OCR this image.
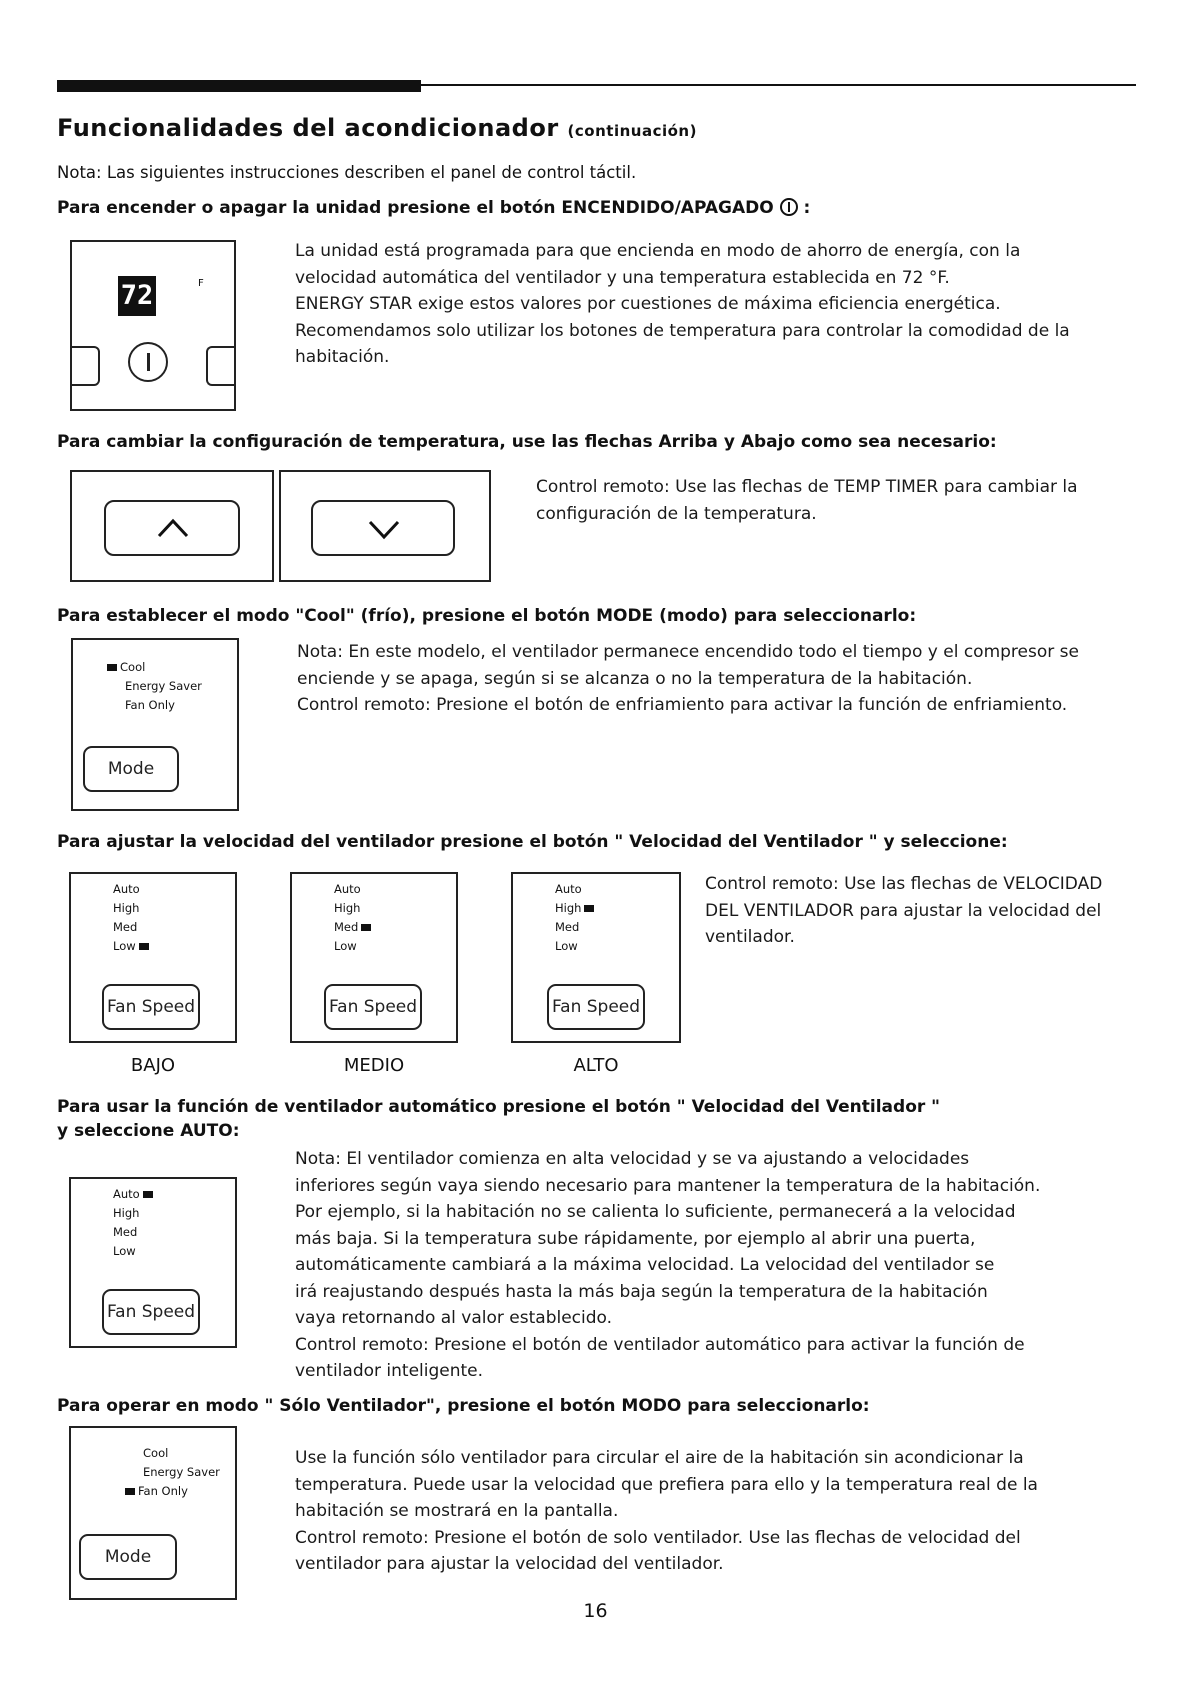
Funcionalidades del acondicionador (continuación)
Nota: Las siguientes instrucciones describen el panel de control táctil.
Para encender o apagar la unidad presione el botón ENCENDIDO/APAGADO :
72	F
La unidad está programada para que encienda en modo de ahorro de energía, con la
velocidad automática del ventilador y una temperatura establecida en 72 °F.
ENERGY STAR exige estos valores por cuestiones de máxima eficiencia energética.
Recomendamos solo utilizar los botones de temperatura para controlar la comodidad de la
habitación.
Para cambiar la configuración de temperatura, use las flechas Arriba y Abajo como sea necesario:
Control remoto: Use las flechas de TEMP TIMER para cambiar la
configuración de la temperatura.
Para establecer el modo "Cool" (frío), presione el botón MODE (modo) para seleccionarlo:
Cool
Energy Saver
Fan Only
Mode
Nota: En este modelo, el ventilador permanece encendido todo el tiempo y el compresor se
enciende y se apaga, según si se alcanza o no la temperatura de la habitación.
Control remoto: Presione el botón de enfriamiento para activar la función de enfriamiento.
Para ajustar la velocidad del ventilador presione el botón " Velocidad del Ventilador " y seleccione:
Auto
High
Med
Low
Fan Speed
BAJO
Auto
High
Med
Low
Fan Speed
MEDIO
Auto
High
Med
Low
Fan Speed
ALTO
Control remoto: Use las flechas de VELOCIDAD
DEL VENTILADOR para ajustar la velocidad del
ventilador.
Para usar la función de ventilador automático presione el botón " Velocidad del Ventilador "
y seleccione AUTO:
Auto
High
Med
Low
Fan Speed
Nota: El ventilador comienza en alta velocidad y se va ajustando a velocidades
inferiores según vaya siendo necesario para mantener la temperatura de la habitación.
Por ejemplo, si la habitación no se calienta lo suficiente, permanecerá a la velocidad
más baja. Si la temperatura sube rápidamente, por ejemplo al abrir una puerta,
automáticamente cambiará a la máxima velocidad. La velocidad del ventilador se
irá reajustando después hasta la más baja según la temperatura de la habitación
vaya retornando al valor establecido.
Control remoto: Presione el botón de ventilador automático para activar la función de
ventilador inteligente.
Para operar en modo " Sólo Ventilador", presione el botón MODO para seleccionarlo:
Cool
Energy Saver
Fan Only
Mode
Use la función sólo ventilador para circular el aire de la habitación sin acondicionar la
temperatura. Puede usar la velocidad que prefiera para ello y la temperatura real de la
habitación se mostrará en la pantalla.
Control remoto: Presione el botón de solo ventilador. Use las flechas de velocidad del
ventilador para ajustar la velocidad del ventilador.
16
